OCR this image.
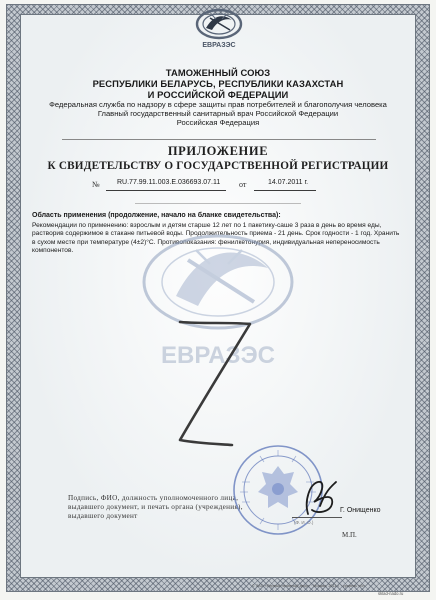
ЕВРАЗЭС
ТАМОЖЕННЫЙ СОЮЗ
РЕСПУБЛИКИ БЕЛАРУСЬ, РЕСПУБЛИКИ КАЗАХСТАН
И РОССИЙСКОЙ ФЕДЕРАЦИИ
Федеральная служба по надзору в сфере защиты прав потребителей и благополучия человека
Главный государственный санитарный врач Российской Федерации
Российская Федерация
ПРИЛОЖЕНИЕ
К СВИДЕТЕЛЬСТВУ О ГОСУДАРСТВЕННОЙ РЕГИСТРАЦИИ
№ RU.77.99.11.003.Е.036693.07.11 от	14.07.2011 г.

Область применения (продолжение, начало на бланке свидетельства):

Рекомендации по применению: взрослым и детям старше 12 лет по 1 пакетику-саше 3 раза в день во время еды, растворив содержимое в стакане питьевой воды. Продолжительность приема - 21 день. Срок годности - 1 год. Хранить в сухом месте при температуре (4±2)°С. Противопоказания: фенилкетонурия, индивидуальная непереносимость компонентов.

ЕВРАЗЭС
Подпись, ФИО, должность уполномоченного лица, выдавшего документ, и печать органа (учреждения), выдавшего документ
Г. Онищенко
(Ф. И. О.)
М.П.
© ЗАО «Первый печатный двор» · Москва, 2011 г. · уровень «В»
sklad-nado.ru
